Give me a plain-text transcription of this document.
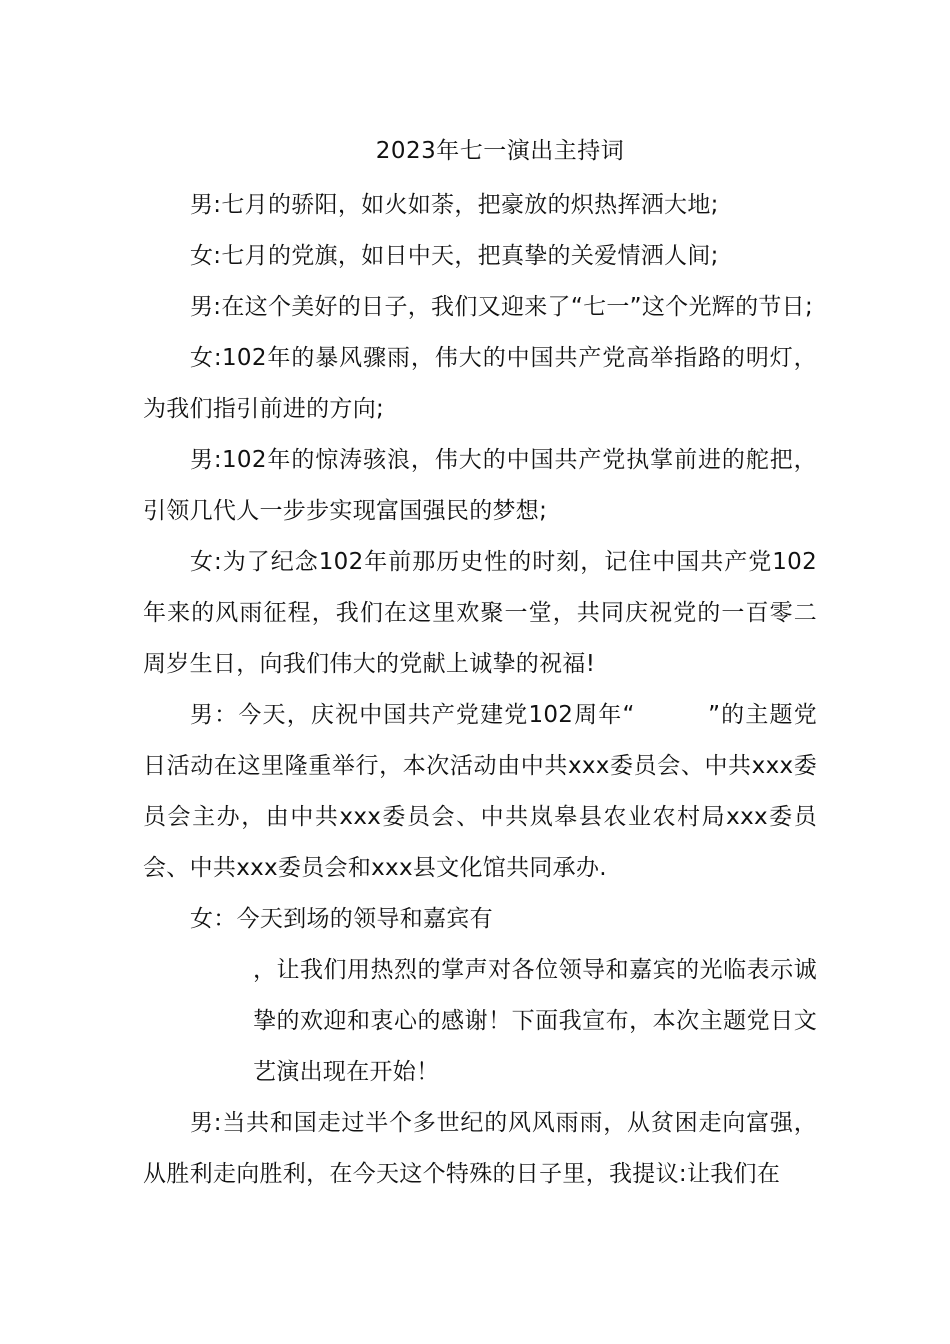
2023年七一演出主持词

男:七月的骄阳，如火如荼，把豪放的炽热挥洒大地;

女:七月的党旗，如日中天，把真挚的关爱情洒人间;

男:在这个美好的日子，我们又迎来了“七一”这个光辉的节日;

女:102年的暴风骤雨，伟大的中国共产党高举指路的明灯，为我们指引前进的方向;

男:102年的惊涛骇浪，伟大的中国共产党执掌前进的舵把，引领几代人一步步实现富国强民的梦想;

女:为了纪念102年前那历史性的时刻，记住中国共产党102年来的风雨征程，我们在这里欢聚一堂，共同庆祝党的一百零二周岁生日，向我们伟大的党献上诚挚的祝福!

男：今天，庆祝中国共产党建党102周年“　　　”的主题党日活动在这里隆重举行，本次活动由中共xxx委员会、中共xxx委员会主办，由中共xxx委员会、中共岚皋县农业农村局xxx委员会、中共xxx委员会和xxx县文化馆共同承办.

女：今天到场的领导和嘉宾有

，让我们用热烈的掌声对各位领导和嘉宾的光临表示诚挚的欢迎和衷心的感谢！下面我宣布，本次主题党日文艺演出现在开始！

男:当共和国走过半个多世纪的风风雨雨，从贫困走向富强，从胜利走向胜利，在今天这个特殊的日子里，我提议:让我们在
